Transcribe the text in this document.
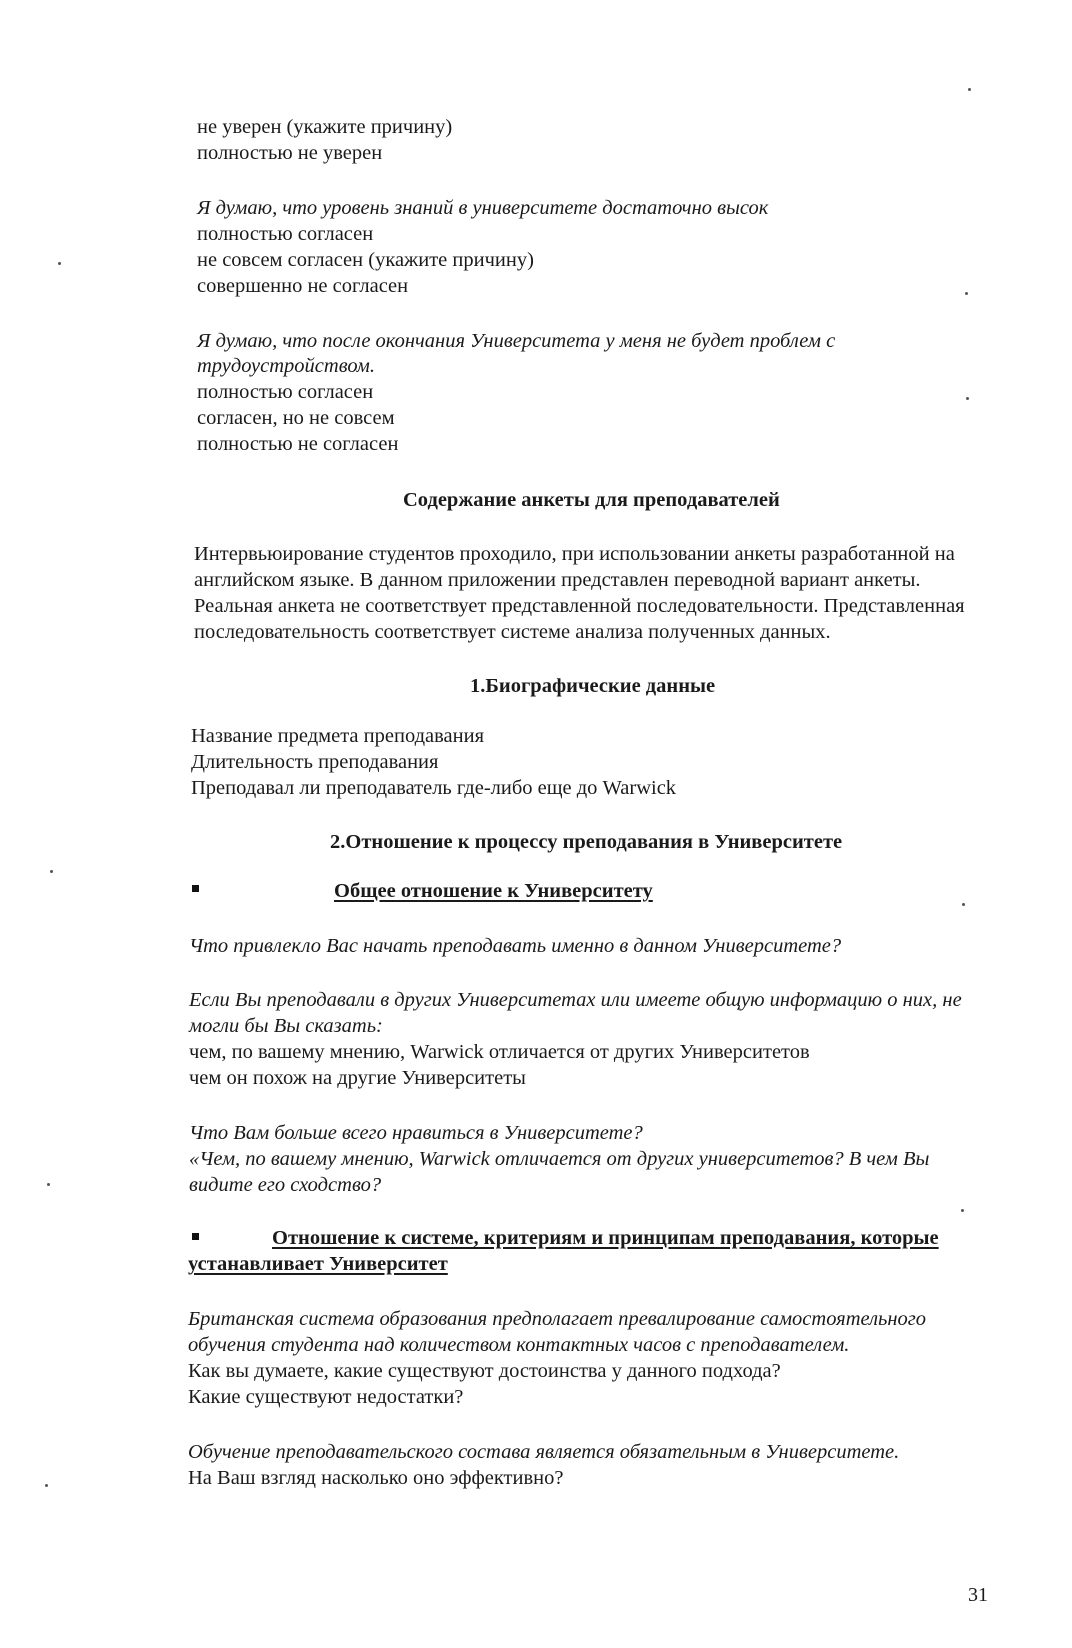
не уверен (укажите причину)
полностью не уверен
Я думаю, что уровень знаний в университете достаточно высок
полностью согласен
не совсем согласен (укажите причину)
совершенно не согласен
Я думаю, что после окончания Университета у меня не будет проблем с
трудоустройством.
полностью согласен
согласен, но не совсем
полностью не согласен
Содержание анкеты для преподавателей
Интервьюирование студентов проходило, при использовании анкеты разработанной на
английском языке. В данном приложении представлен переводной вариант анкеты.
Реальная анкета не соответствует представленной последовательности. Представленная
последовательность соответствует системе анализа полученных данных.
1.Биографические данные
Название предмета преподавания
Длительность преподавания
Преподавал ли преподаватель где-либо еще до Warwick
2.Отношение к процессу преподавания в Университете
Общее отношение к Университету
Что привлекло Вас начать преподавать именно в данном Университете?
Если Вы преподавали в других Университетах или имеете общую информацию о них, не
могли бы Вы сказать:
чем, по вашему мнению, Warwick отличается от других Университетов
чем он похож на другие Университеты
Что Вам больше всего нравиться в Университете?
«Чем, по вашему мнению, Warwick отличается от других университетов? В чем Вы
видите его сходство?
Отношение к системе, критериям и принципам преподавания, которые
устанавливает Университет
Британская система образования предполагает превалирование самостоятельного
обучения студента над количеством контактных часов с преподавателем.
Как вы думаете, какие существуют достоинства у данного подхода?
Какие существуют недостатки?
Обучение преподавательского состава является обязательным в Университете.
На Ваш взгляд насколько оно эффективно?
31
